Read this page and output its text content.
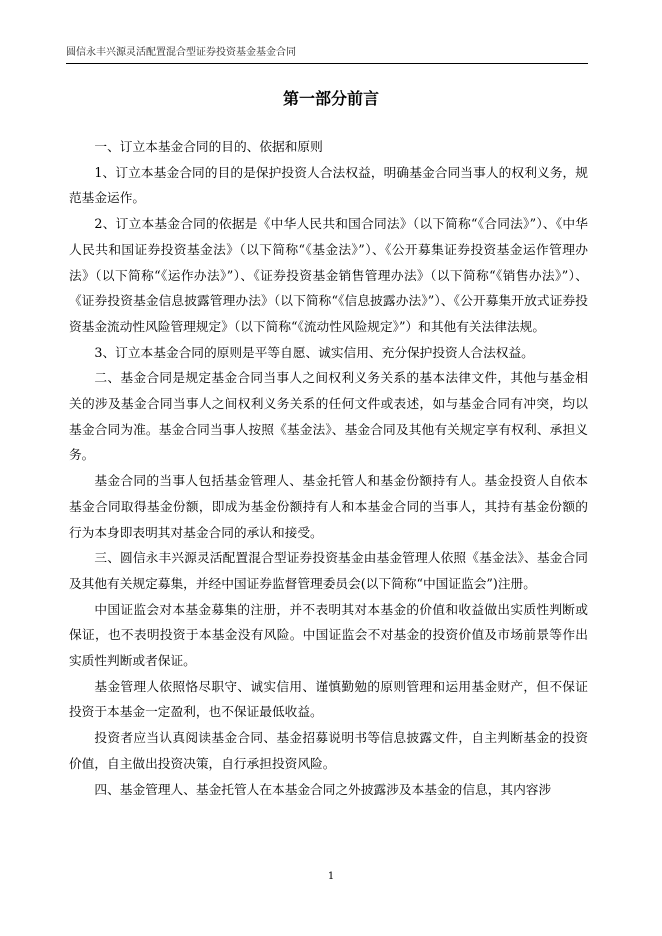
圆信永丰兴源灵活配置混合型证券投资基金基金合同
第一部分前言

一、订立本基金合同的目的、依据和原则

1、订立本基金合同的目的是保护投资人合法权益，明确基金合同当事人的权利义务，规范基金运作。

2、订立本基金合同的依据是《中华人民共和国合同法》（以下简称“《合同法》”）、《中华人民共和国证券投资基金法》（以下简称“《基金法》”）、《公开募集证券投资基金运作管理办法》（以下简称“《运作办法》”）、《证券投资基金销售管理办法》（以下简称“《销售办法》”）、《证券投资基金信息披露管理办法》（以下简称“《信息披露办法》”）、《公开募集开放式证券投资基金流动性风险管理规定》（以下简称“《流动性风险规定》”）和其他有关法律法规。

3、订立本基金合同的原则是平等自愿、诚实信用、充分保护投资人合法权益。

二、基金合同是规定基金合同当事人之间权利义务关系的基本法律文件，其他与基金相关的涉及基金合同当事人之间权利义务关系的任何文件或表述，如与基金合同有冲突，均以基金合同为准。基金合同当事人按照《基金法》、基金合同及其他有关规定享有权利、承担义务。

基金合同的当事人包括基金管理人、基金托管人和基金份额持有人。基金投资人自依本基金合同取得基金份额，即成为基金份额持有人和本基金合同的当事人，其持有基金份额的行为本身即表明其对基金合同的承认和接受。

三、圆信永丰兴源灵活配置混合型证券投资基金由基金管理人依照《基金法》、基金合同及其他有关规定募集，并经中国证券监督管理委员会(以下简称“中国证监会”)注册。

中国证监会对本基金募集的注册，并不表明其对本基金的价值和收益做出实质性判断或保证，也不表明投资于本基金没有风险。中国证监会不对基金的投资价值及市场前景等作出实质性判断或者保证。

基金管理人依照恪尽职守、诚实信用、谨慎勤勉的原则管理和运用基金财产，但不保证投资于本基金一定盈利，也不保证最低收益。

投资者应当认真阅读基金合同、基金招募说明书等信息披露文件，自主判断基金的投资价值，自主做出投资决策，自行承担投资风险。

四、基金管理人、基金托管人在本基金合同之外披露涉及本基金的信息，其内容涉

1
